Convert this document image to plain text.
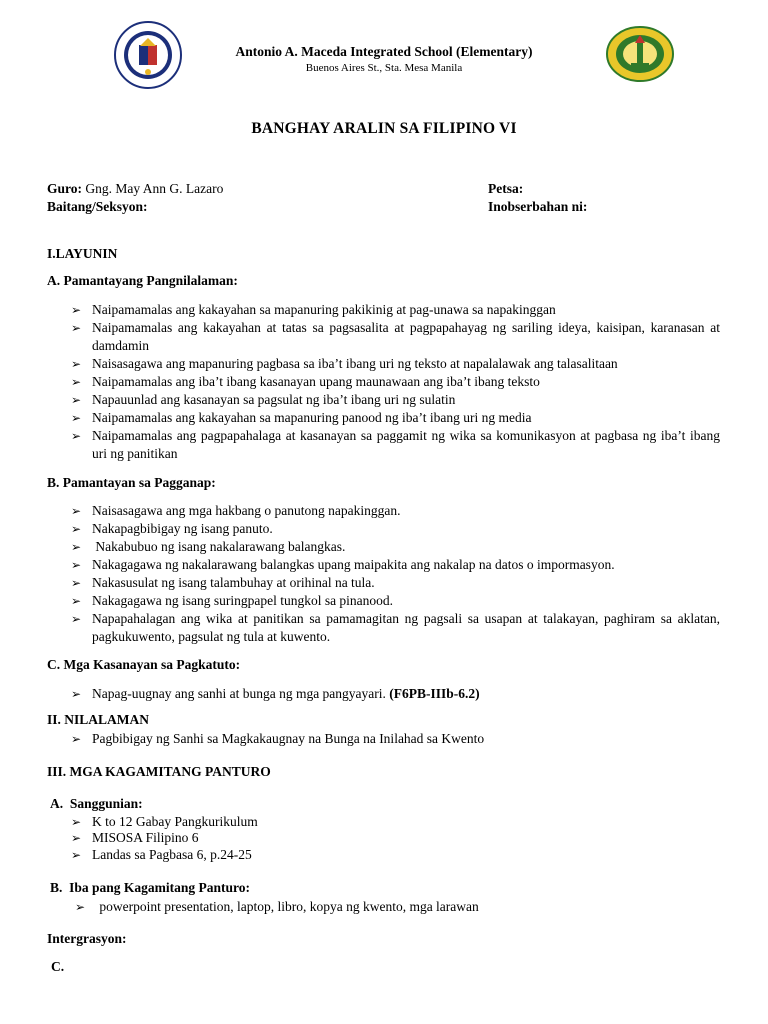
Antonio A. Maceda Integrated School (Elementary)
Buenos Aires St., Sta. Mesa Manila
BANGHAY ARALIN SA FILIPINO VI
Guro: Gng. May Ann G. Lazaro	Petsa:
Baitang/Seksyon:	Inobserbahan ni:
I.LAYUNIN
A. Pamantayang Pangnilalaman:
➢ Naipamamalas ang kakayahan sa mapanuring pakikinig at pag-unawa sa napakinggan
➢ Naipamamalas ang kakayahan at tatas sa pagsasalita at pagpapahayag ng sariling ideya, kaisipan, karanasan at damdamin
➢ Naisasagawa ang mapanuring pagbasa sa iba’t ibang uri ng teksto at napalalawak ang talasalitaan
➢ Naipamamalas ang iba’t ibang kasanayan upang maunawaan ang iba’t ibang teksto
➢ Napauunlad ang kasanayan sa pagsulat ng iba’t ibang uri ng sulatin
➢ Naipamamalas ang kakayahan sa mapanuring panood ng iba’t ibang uri ng media
➢ Naipamamalas ang pagpapahalaga at kasanayan sa paggamit ng wika sa komunikasyon at pagbasa ng iba’t ibang uri ng panitikan
B. Pamantayan sa Pagganap:
➢ Naisasagawa ang mga hakbang o panutong napakinggan.
➢ Nakapagbibigay ng isang panuto.
➢ Nakabubuo ng isang nakalarawang balangkas.
➢ Nakagagawa ng nakalarawang balangkas upang maipakita ang nakalap na datos o impormasyon.
➢ Nakasusulat ng isang talambuhay at orihinal na tula.
➢ Nakagagawa ng isang suringpapel tungkol sa pinanood.
➢ Napapahalagan ang wika at panitikan sa pamamagitan ng pagsali sa usapan at talakayan, paghiram sa aklatan, pagkukuwento, pagsulat ng tula at kuwento.
C. Mga Kasanayan sa Pagkatuto:
➢ Napag-uugnay ang sanhi at bunga ng mga pangyayari. (F6PB-IIIb-6.2)
II. NILALAMAN
➢ Pagbibigay ng Sanhi sa Magkakaugnay na Bunga na Inilahad sa Kwento
III. MGA KAGAMITANG PANTURO
A.  Sanggunian:
➢ K to 12 Gabay Pangkurikulum
➢ MISOSA Filipino 6
➢ Landas sa Pagbasa 6, p.24-25
B.  Iba pang Kagamitang Panturo:
➢ powerpoint presentation, laptop, libro, kopya ng kwento, mga larawan
Intergrasyon:
C.
